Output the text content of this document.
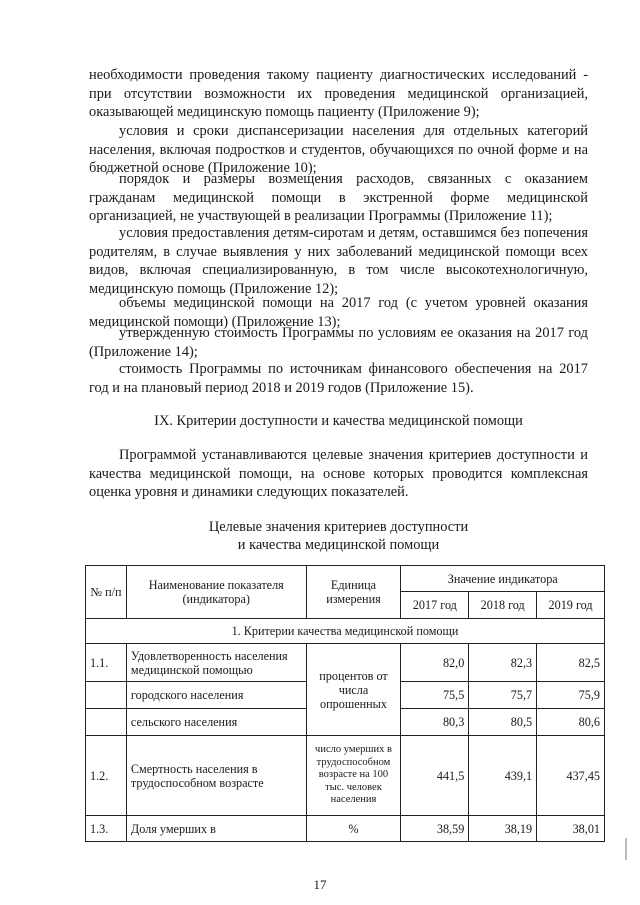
необходимости проведения такому пациенту диагностических исследований - при отсутствии возможности их проведения медицинской организацией, оказывающей медицинскую помощь пациенту (Приложение 9);

условия и сроки диспансеризации населения для отдельных категорий населения, включая подростков и студентов, обучающихся по очной форме и на бюджетной основе (Приложение 10);

порядок и размеры возмещения расходов, связанных с оказанием гражданам медицинской помощи в экстренной форме медицинской организацией, не участвующей в реализации Программы (Приложение 11);

условия предоставления детям-сиротам и детям, оставшимся без попечения родителям, в случае выявления у них заболеваний медицинской помощи всех видов, включая специализированную, в том числе высокотехнологичную, медицинскую помощь (Приложение 12);

объемы медицинской помощи на 2017 год (с учетом уровней оказания медицинской помощи) (Приложение 13);

утвержденную стоимость Программы по условиям ее оказания на 2017 год (Приложение 14);

стоимость Программы по источникам финансового обеспечения на 2017 год и на плановый период 2018 и 2019 годов (Приложение 15).

IX. Критерии доступности и качества медицинской помощи

Программой устанавливаются целевые значения критериев доступности и качества медицинской помощи, на основе которых проводится комплексная оценка уровня и динамики следующих показателей.

Целевые значения критериев доступности

и качества медицинской помощи

№ п/п	Наименование показателя (индикатора)	Единица измерения	Значение индикатора		
			2017 год	2018 год	2019 год
1. Критерии качества медицинской помощи					
1.1.	Удовлетворенность населения медицинской помощью	процентов от числа опрошенных	82,0	82,3	82,5
	городского населения		75,5	75,7	75,9
	сельского населения		80,3	80,5	80,6
1.2.	Смертность населения в трудоспособном возрасте	число умерших в трудоспособном возрасте на 100 тыс. человек населения	441,5	439,1	437,45
1.3.	Доля умерших в	%	38,59	38,19	38,01
17
